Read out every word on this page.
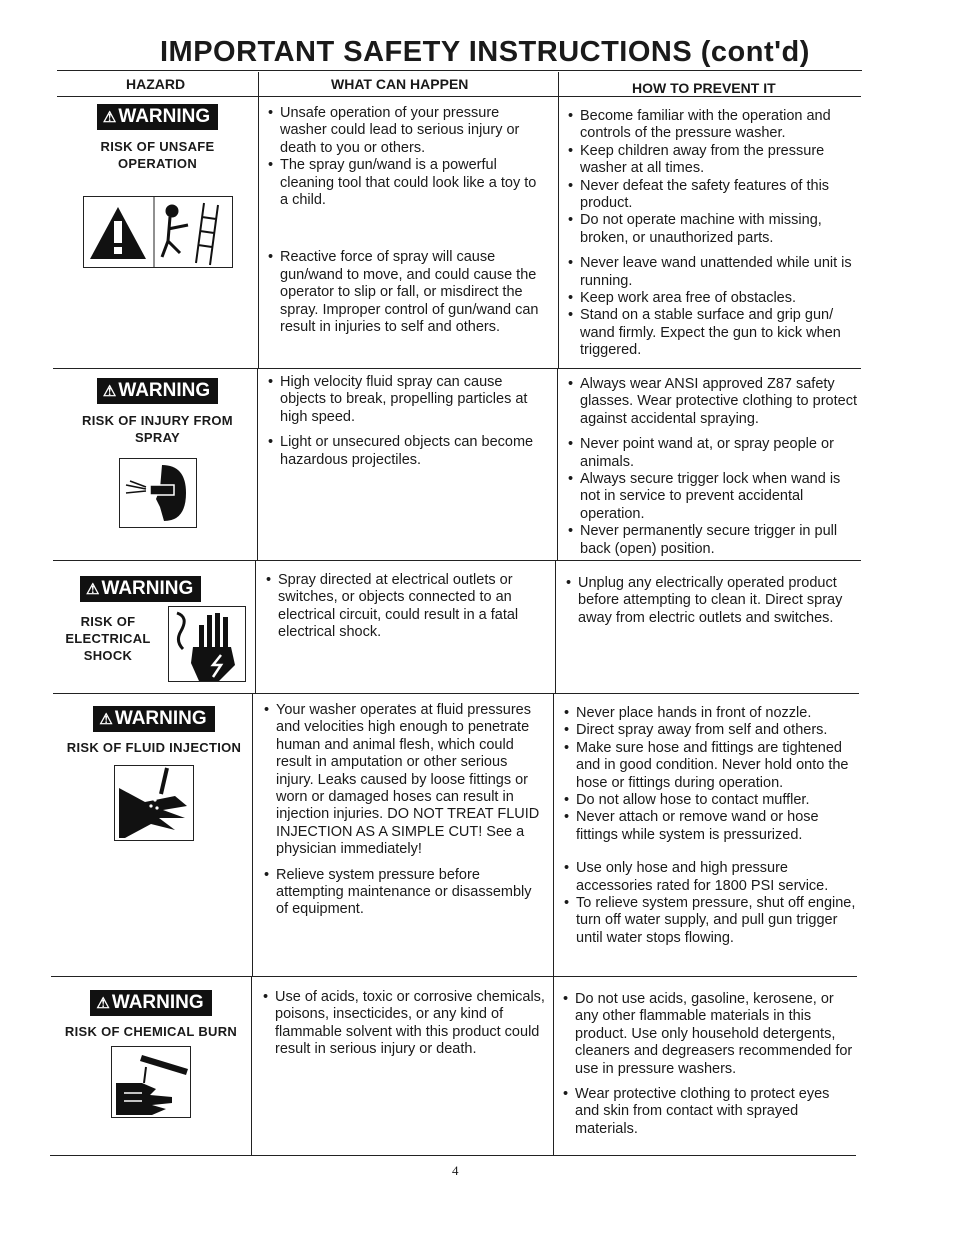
IMPORTANT SAFETY INSTRUCTIONS (cont'd)
HAZARD	WHAT CAN HAPPEN	HOW TO PREVENT IT
⚠ WARNING
RISK OF UNSAFE
OPERATION
• Unsafe operation of your pressure washer could lead to serious injury or death to you or others.
• The spray gun/wand is a powerful cleaning tool that could look like a toy to a child.
• Reactive force of spray will cause gun/wand to move, and could cause the operator to slip or fall, or misdirect the spray. Improper control of gun/wand can result in injuries to self and others.
• Become familiar with the operation and controls of the pressure washer.
• Keep children away from the pressure washer at all times.
• Never defeat the safety features of this product.
• Do not operate machine with missing, broken, or unauthorized parts.
• Never leave wand unattended while unit is running.
• Keep work area free of obstacles.
• Stand on a stable surface and grip gun/ wand firmly. Expect the gun to kick when triggered.
⚠ WARNING
RISK OF INJURY FROM
SPRAY
• High velocity fluid spray can cause objects to break, propelling particles at high speed.
• Light or unsecured objects can become hazardous projectiles.
• Always wear ANSI approved Z87 safety glasses. Wear protective clothing to protect against accidental spraying.
• Never point wand at, or spray people or animals.
• Always secure trigger lock when wand is not in service to prevent accidental operation.
• Never permanently secure trigger in pull back (open) position.
⚠ WARNING
RISK OF
ELECTRICAL
SHOCK
• Spray directed at electrical outlets or switches, or objects connected to an electrical circuit, could result in a fatal electrical shock.
• Unplug any electrically operated product before attempting to clean it. Direct spray away from electric outlets and switches.
⚠ WARNING
RISK OF FLUID INJECTION
• Your washer operates at fluid pressures and velocities high enough to penetrate human and animal flesh, which could result in amputation or other serious injury. Leaks caused by loose fittings or worn or damaged hoses can result in injection injuries. DO NOT TREAT FLUID INJECTION AS A SIMPLE CUT! See a physician immediately!
• Relieve system pressure before attempting maintenance or disassembly of equipment.
• Never place hands in front of nozzle.
• Direct spray away from self and others.
• Make sure hose and fittings are tightened and in good condition. Never hold onto the hose or fittings during operation.
• Do not allow hose to contact muffler.
• Never attach or remove wand or hose fittings while system is pressurized.
• Use only hose and high pressure accessories rated for 1800 PSI service.
• To relieve system pressure, shut off engine, turn off water supply, and pull gun trigger until water stops flowing.
⚠ WARNING
RISK OF CHEMICAL BURN
• Use of acids, toxic or corrosive chemicals, poisons, insecticides, or any kind of flammable solvent with this product could result in serious injury or death.
• Do not use acids, gasoline, kerosene, or any other flammable materials in this product. Use only household detergents, cleaners and degreasers recommended for use in pressure washers.
• Wear protective clothing to protect eyes and skin from contact with sprayed materials.
4
